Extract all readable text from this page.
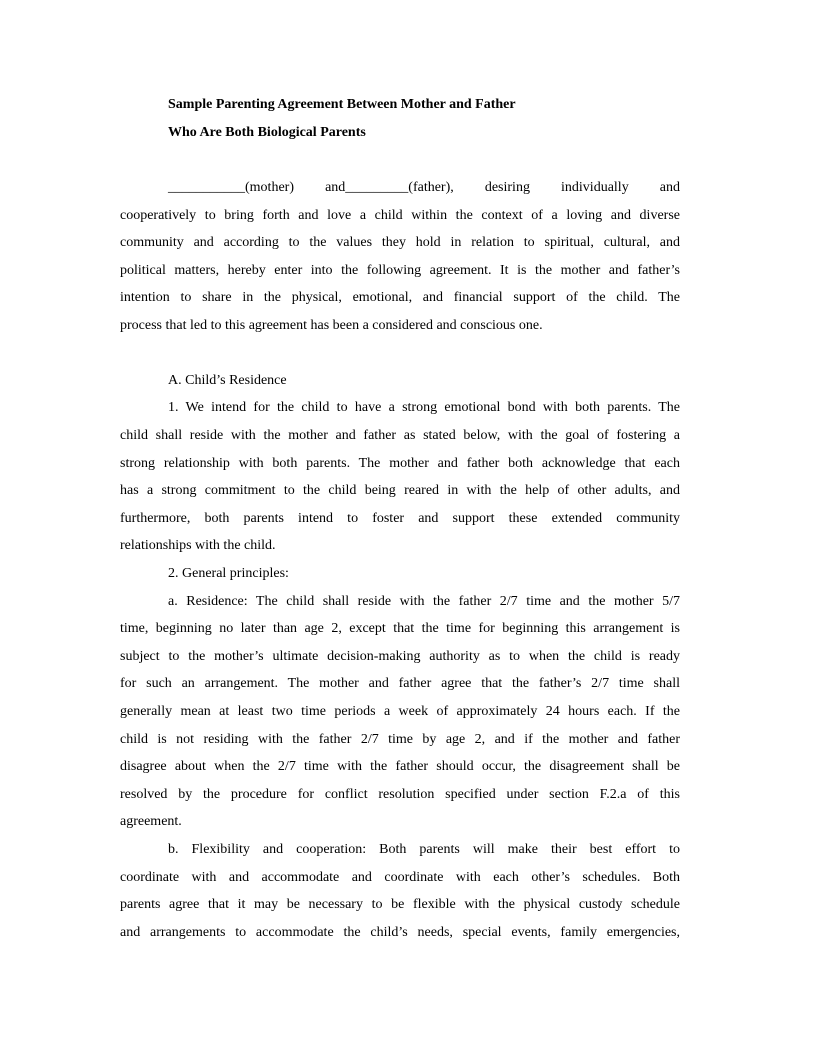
Sample Parenting Agreement Between Mother and Father
Who Are Both Biological Parents
___________(mother) and_________(father), desiring individually and
cooperatively to bring forth and love a child within the context of a loving and diverse
community and according to the values they hold in relation to spiritual, cultural, and
political matters, hereby enter into the following agreement. It is the mother and father’s
intention to share in the physical, emotional, and financial support of the child. The
process that led to this agreement has been a considered and conscious one.
A. Child’s Residence
1. We intend for the child to have a strong emotional bond with both parents. The
child shall reside with the mother and father as stated below, with the goal of fostering a
strong relationship with both parents. The mother and father both acknowledge that each
has a strong commitment to the child being reared in with the help of other adults, and
furthermore, both parents intend to foster and support these extended community
relationships with the child.
2. General principles:
a. Residence: The child shall reside with the father 2/7 time and the mother 5/7
time, beginning no later than age 2, except that the time for beginning this arrangement is
subject to the mother’s ultimate decision-making authority as to when the child is ready
for such an arrangement. The mother and father agree that the father’s 2/7 time shall
generally mean at least two time periods a week of approximately 24 hours each. If the
child is not residing with the father 2/7 time by age 2, and if the mother and father
disagree about when the 2/7 time with the father should occur, the disagreement shall be
resolved by the procedure for conflict resolution specified under section F.2.a of this
agreement.
b. Flexibility and cooperation: Both parents will make their best effort to
coordinate with and accommodate and coordinate with each other’s schedules. Both
parents agree that it may be necessary to be flexible with the physical custody schedule
and arrangements to accommodate the child’s needs, special events, family emergencies,
